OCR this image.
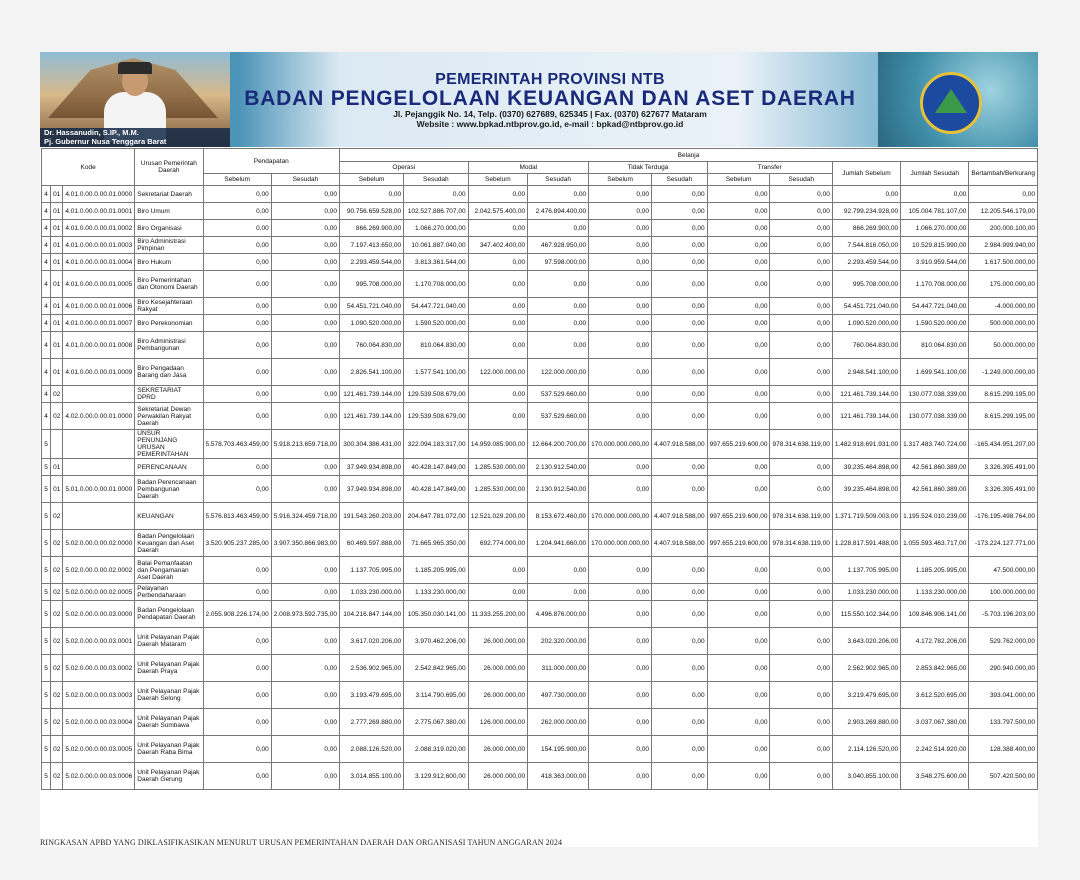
Dr. Hassanudin, S.IP., M.M.
Pj. Gubernur Nusa Tenggara Barat
PEMERINTAH PROVINSI NTB
BADAN PENGELOLAAN KEUANGAN DAN ASET DAERAH
Jl. Pejanggik No. 14, Telp. (0370) 627689, 625345 | Fax. (0370) 627677 Mataram
Website : www.bpkad.ntbprov.go.id, e-mail : bpkad@ntbprov.go.id
Kode			Urusan Pemerintah Daerah	Pendapatan		Belanja										
						Operasi		Modal		Tidak Terduga		Transfer		Jumlah Sebelum	Jumlah Sesudah	Bertambah/Berkurang
				Sebelum	Sesudah	Sebelum	Sesudah	Sebelum	Sesudah	Sebelum	Sesudah	Sebelum	Sesudah			
4	01	4.01.0.00.0.00.01.0000	Sekretariat Daerah	0,00	0,00	0,00	0,00	0,00	0,00	0,00	0,00	0,00	0,00	0,00	0,00	0,00
4	01	4.01.0.00.0.00.01.0001	Biro Umum	0,00	0,00	90.756.659.528,00	102.527.886.707,00	2.042.575.400,00	2.476.894.400,00	0,00	0,00	0,00	0,00	92.799.234.928,00	105.004.781.107,00	12.205.546.179,00
4	01	4.01.0.00.0.00.01.0002	Biro Organisasi	0,00	0,00	866.269.900,00	1.066.270.000,00	0,00	0,00	0,00	0,00	0,00	0,00	866.269.900,00	1.066.270.000,00	200.000.100,00
4	01	4.01.0.00.0.00.01.0003	Biro Administrasi Pimpinan	0,00	0,00	7.197.413.650,00	10.061.887.040,00	347.402.400,00	467.928.950,00	0,00	0,00	0,00	0,00	7.544.816.050,00	10.529.815.990,00	2.984.999.940,00
4	01	4.01.0.00.0.00.01.0004	Biro Hukum	0,00	0,00	2.293.459.544,00	3.813.361.544,00	0,00	97.598.000,00	0,00	0,00	0,00	0,00	2.293.459.544,00	3.910.959.544,00	1.617.500.000,00
4	01	4.01.0.00.0.00.01.0005	Biro Pemerintahan dan Otonomi Daerah	0,00	0,00	995.708.000,00	1.170.708.000,00	0,00	0,00	0,00	0,00	0,00	0,00	995.708.000,00	1.170.708.000,00	175.000.000,00
4	01	4.01.0.00.0.00.01.0006	Biro Kesejahteraan Rakyat	0,00	0,00	54.451.721.040,00	54.447.721.040,00	0,00	0,00	0,00	0,00	0,00	0,00	54.451.721.040,00	54.447.721.040,00	-4.000.000,00
4	01	4.01.0.00.0.00.01.0007	Biro Perekonomian	0,00	0,00	1.090.520.000,00	1.590.520.000,00	0,00	0,00	0,00	0,00	0,00	0,00	1.090.520.000,00	1.590.520.000,00	500.000.000,00
4	01	4.01.0.00.0.00.01.0008	Biro Administrasi Pembangunan	0,00	0,00	760.064.830,00	810.064.830,00	0,00	0,00	0,00	0,00	0,00	0,00	760.064.830,00	810.064.830,00	50.000.000,00
4	01	4.01.0.00.0.00.01.0009	Biro Pengadaan Barang dan Jasa	0,00	0,00	2.826.541.100,00	1.577.541.100,00	122.000.000,00	122.000.000,00	0,00	0,00	0,00	0,00	2.948.541.100,00	1.699.541.100,00	-1.249.000.000,00
4	02		SEKRETARIAT DPRD	0,00	0,00	121.461.739.144,00	129.539.508.679,00	0,00	537.529.660,00	0,00	0,00	0,00	0,00	121.461.739.144,00	130.077.038.339,00	8.615.299.195,00
4	02	4.02.0.00.0.00.01.0000	Sekretariat Dewan Perwakilan Rakyat Daerah	0,00	0,00	121.461.739.144,00	129.539.508.679,00	0,00	537.529.660,00	0,00	0,00	0,00	0,00	121.461.739.144,00	130.077.038.339,00	8.615.299.195,00
5			UNSUR PENUNJANG URUSAN PEMERINTAHAN	5.578.703.463.459,00	5.918.213.659.718,00	300.304.386.431,00	322.094.183.317,00	14.959.085.900,00	12.664.200.700,00	170.000.000.000,00	4.407.918.588,00	997.655.219.600,00	978.314.638.119,00	1.482.918.691.931,00	1.317.483.740.724,00	-165.434.951.207,00
5	01		PERENCANAAN	0,00	0,00	37.949.934.898,00	40.428.147.849,00	1.285.530.000,00	2.130.912.540,00	0,00	0,00	0,00	0,00	39.235.464.898,00	42.561.860.389,00	3.326.395.491,00
5	01	5.01.0.00.0.00.01.0000	Badan Perencanaan Pembangunan Daerah	0,00	0,00	37.949.934.898,00	40.428.147.849,00	1.285.530.000,00	2.130.912.540,00	0,00	0,00	0,00	0,00	39.235.464.898,00	42.561.860.389,00	3.326.395.491,00
5	02		KEUANGAN	5.576.813.463.459,00	5.916.324.459.718,00	191.543.260.203,00	204.647.781.072,00	12.521.029.200,00	8.153.672.460,00	170.000.000.000,00	4.407.918.588,00	997.655.219.600,00	978.314.638.119,00	1.371.719.509.003,00	1.195.524.010.239,00	-176.195.498.764,00
5	02	5.02.0.00.0.00.02.0000	Badan Pengelolaan Keuangan dan Aset Daerah	3.520.905.237.285,00	3.907.350.866.983,00	60.469.597.888,00	71.665.965.350,00	692.774.000,00	1.204.941.660,00	170.000.000.000,00	4.407.918.588,00	997.655.219.600,00	978.314.638.119,00	1.228.817.591.488,00	1.055.593.463.717,00	-173.224.127.771,00
5	02	5.02.0.00.0.00.02.0002	Balai Pemanfaatan dan Pengamanan Aset Daerah	0,00	0,00	1.137.705.995,00	1.185.205.995,00	0,00	0,00	0,00	0,00	0,00	0,00	1.137.705.995,00	1.185.205.995,00	47.500.000,00
5	02	5.02.0.00.0.00.02.0005	Pelayanan Perbendaharaan	0,00	0,00	1.033.230.000,00	1.133.230.000,00	0,00	0,00	0,00	0,00	0,00	0,00	1.033.230.000,00	1.133.230.000,00	100.000.000,00
5	02	5.02.0.00.0.00.03.0000	Badan Pengelolaan Pendapatan Daerah	2.055.908.226.174,00	2.008.973.592.735,00	104.216.847.144,00	105.350.030.141,00	11.333.255.200,00	4.496.876.000,00	0,00	0,00	0,00	0,00	115.550.102.344,00	109.846.906.141,00	-5.703.196.203,00
5	02	5.02.0.00.0.00.03.0001	Unit Pelayanan Pajak Daerah Mataram	0,00	0,00	3.617.020.206,00	3.970.462.206,00	26.000.000,00	202.320.000,00	0,00	0,00	0,00	0,00	3.643.020.206,00	4.172.782.206,00	529.762.000,00
5	02	5.02.0.00.0.00.03.0002	Unit Pelayanan Pajak Daerah Praya	0,00	0,00	2.536.902.965,00	2.542.842.965,00	26.000.000,00	311.000.000,00	0,00	0,00	0,00	0,00	2.562.902.965,00	2.853.842.965,00	290.940.000,00
5	02	5.02.0.00.0.00.03.0003	Unit Pelayanan Pajak Daerah Selong	0,00	0,00	3.193.479.695,00	3.114.790.695,00	26.000.000,00	497.730.000,00	0,00	0,00	0,00	0,00	3.219.479.695,00	3.612.520.695,00	393.041.000,00
5	02	5.02.0.00.0.00.03.0004	Unit Pelayanan Pajak Daerah Sumbawa	0,00	0,00	2.777.269.880,00	2.775.067.380,00	126.000.000,00	262.000.000,00	0,00	0,00	0,00	0,00	2.903.269.880,00	3.037.067.380,00	133.797.500,00
5	02	5.02.0.00.0.00.03.0005	Unit Pelayanan Pajak Daerah Raba Bima	0,00	0,00	2.088.126.520,00	2.088.319.020,00	26.000.000,00	154.195.900,00	0,00	0,00	0,00	0,00	2.114.126.520,00	2.242.514.920,00	128.388.400,00
5	02	5.02.0.00.0.00.03.0006	Unit Pelayanan Pajak Daerah Gerung	0,00	0,00	3.014.855.100,00	3.129.912,600,00	26.000.000,00	418.363.000,00	0,00	0,00	0,00	0,00	3.040.855.100,00	3.548.275.600,00	507.420.500,00
RINGKASAN APBD YANG DIKLASIFIKASIKAN MENURUT URUSAN PEMERINTAHAN DAERAH DAN ORGANISASI TAHUN ANGGARAN 2024
